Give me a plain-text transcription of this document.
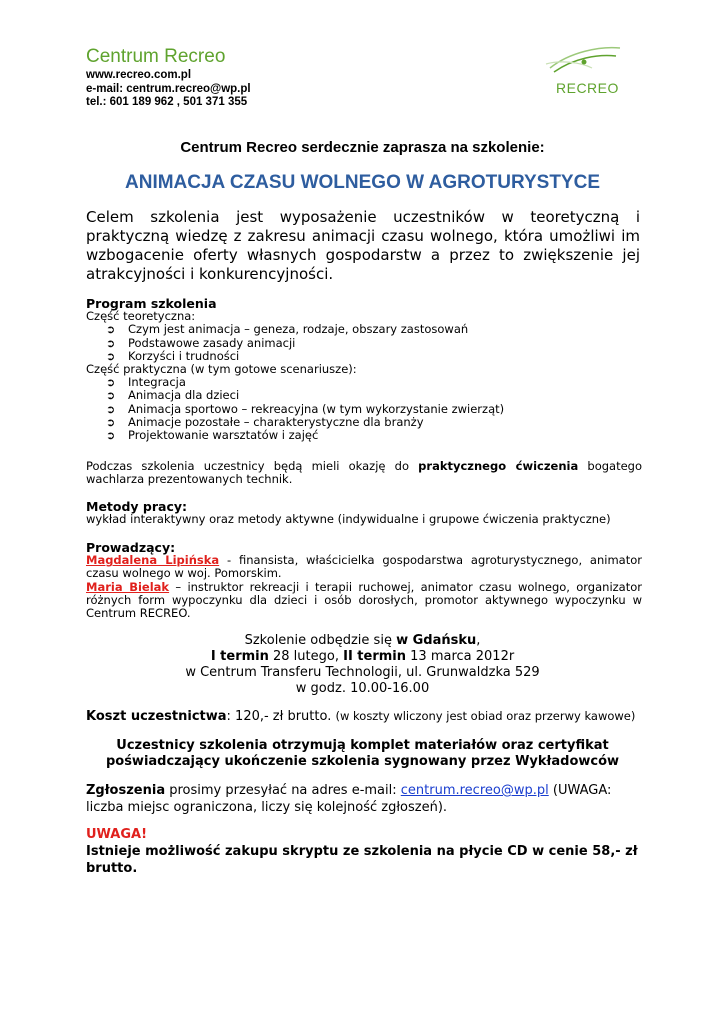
Centrum Recreo
www.recreo.com.pl
e-mail: centrum.recreo@wp.pl
tel.: 601 189 962 , 501 371 355
RECREO
Centrum Recreo serdecznie zaprasza na szkolenie:
ANIMACJA CZASU WOLNEGO W AGROTURYSTYCE
Celem szkolenia jest wyposażenie uczestników w teoretyczną i praktyczną wiedzę z zakresu animacji czasu wolnego, która umożliwi im wzbogacenie oferty własnych gospodarstw a przez to zwiększenie jej atrakcyjności i konkurencyjności.
Program szkolenia
Część teoretyczna:
➲ Czym jest animacja – geneza, rodzaje, obszary zastosowań
➲ Podstawowe zasady animacji
➲ Korzyści i trudności
Część praktyczna (w tym gotowe scenariusze):
➲ Integracja
➲ Animacja dla dzieci
➲ Animacja sportowo – rekreacyjna (w tym wykorzystanie zwierząt)
➲ Animacje pozostałe – charakterystyczne dla branży
➲ Projektowanie warsztatów i zajęć
Podczas szkolenia uczestnicy będą mieli okazję do praktycznego ćwiczenia bogatego wachlarza prezentowanych technik.
Metody pracy:
wykład interaktywny oraz metody aktywne (indywidualne i grupowe ćwiczenia praktyczne)
Prowadzący:
Magdalena Lipińska - finansista, właścicielka gospodarstwa agroturystycznego, animator czasu wolnego w woj. Pomorskim.
Maria Bielak – instruktor rekreacji i terapii ruchowej, animator czasu wolnego, organizator różnych form wypoczynku dla dzieci i osób dorosłych, promotor aktywnego wypoczynku w Centrum RECREO.
Szkolenie odbędzie się w Gdańsku,
I termin 28 lutego, II termin 13 marca 2012r
w Centrum Transferu Technologii, ul. Grunwaldzka 529
w godz. 10.00-16.00
Koszt uczestnictwa: 120,- zł brutto. (w koszty wliczony jest obiad oraz przerwy kawowe)
Uczestnicy szkolenia otrzymują komplet materiałów oraz certyfikat
poświadczający ukończenie szkolenia sygnowany przez Wykładowców
Zgłoszenia prosimy przesyłać na adres e-mail: centrum.recreo@wp.pl (UWAGA: liczba miejsc ograniczona, liczy się kolejność zgłoszeń).
UWAGA!
Istnieje możliwość zakupu skryptu ze szkolenia na płycie CD w cenie 58,- zł brutto.
